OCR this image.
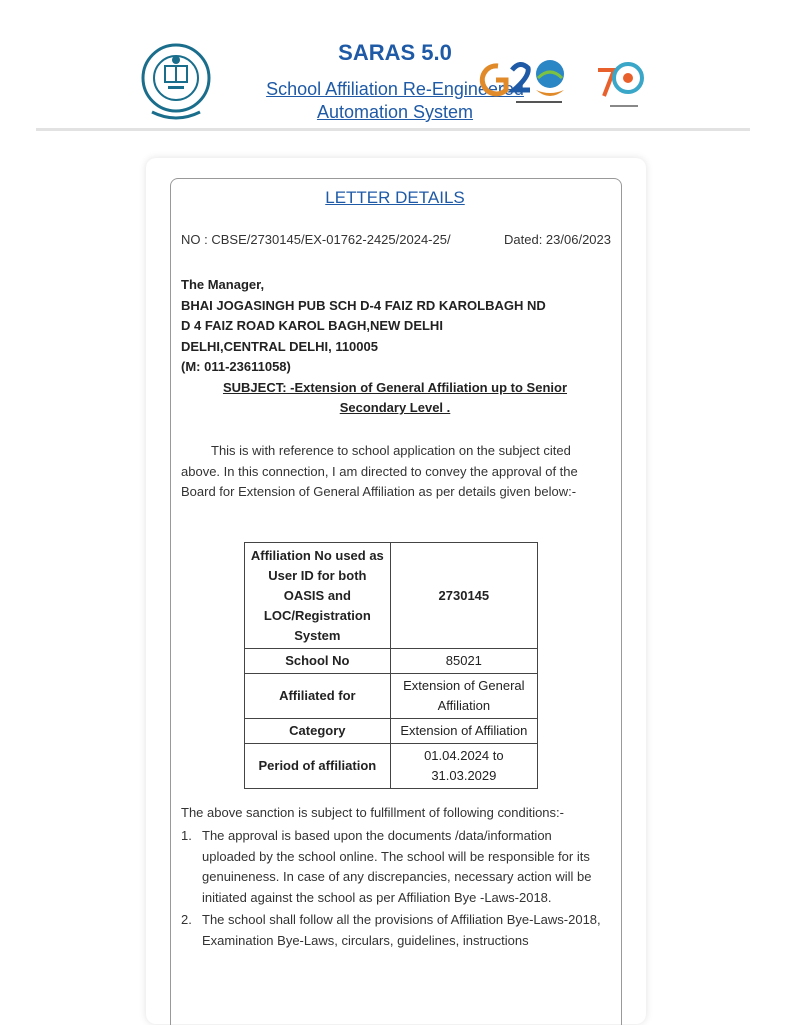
SARAS 5.0
School Affiliation Re-Engineered
Automation System
LETTER DETAILS
NO : CBSE/2730145/EX-01762-2425/2024-25/	Dated: 23/06/2023
The Manager,
BHAI JOGASINGH PUB SCH D-4 FAIZ RD KAROLBAGH ND
D 4 FAIZ ROAD KAROL BAGH,NEW DELHI
DELHI,CENTRAL DELHI, 110005
(M: 011-23611058)
SUBJECT: -Extension of General Affiliation up to Senior
Secondary Level .
This is with reference to school application on the subject cited above. In this connection, I am directed to convey the approval of the Board for Extension of General Affiliation as per details given below:-
Affiliation No used as User ID for both OASIS and LOC/Registration System	2730145
School No	85021
Affiliated for	Extension of General Affiliation
Category	Extension of Affiliation
Period of affiliation	01.04.2024 to 31.03.2029
The above sanction is subject to fulfillment of following conditions:-
1. The approval is based upon the documents /data/information uploaded by the school online. The school will be responsible for its genuineness. In case of any discrepancies, necessary action will be initiated against the school as per Affiliation Bye -Laws-2018.
2. The school shall follow all the provisions of Affiliation Bye-Laws-2018, Examination Bye-Laws, circulars, guidelines, instructions
